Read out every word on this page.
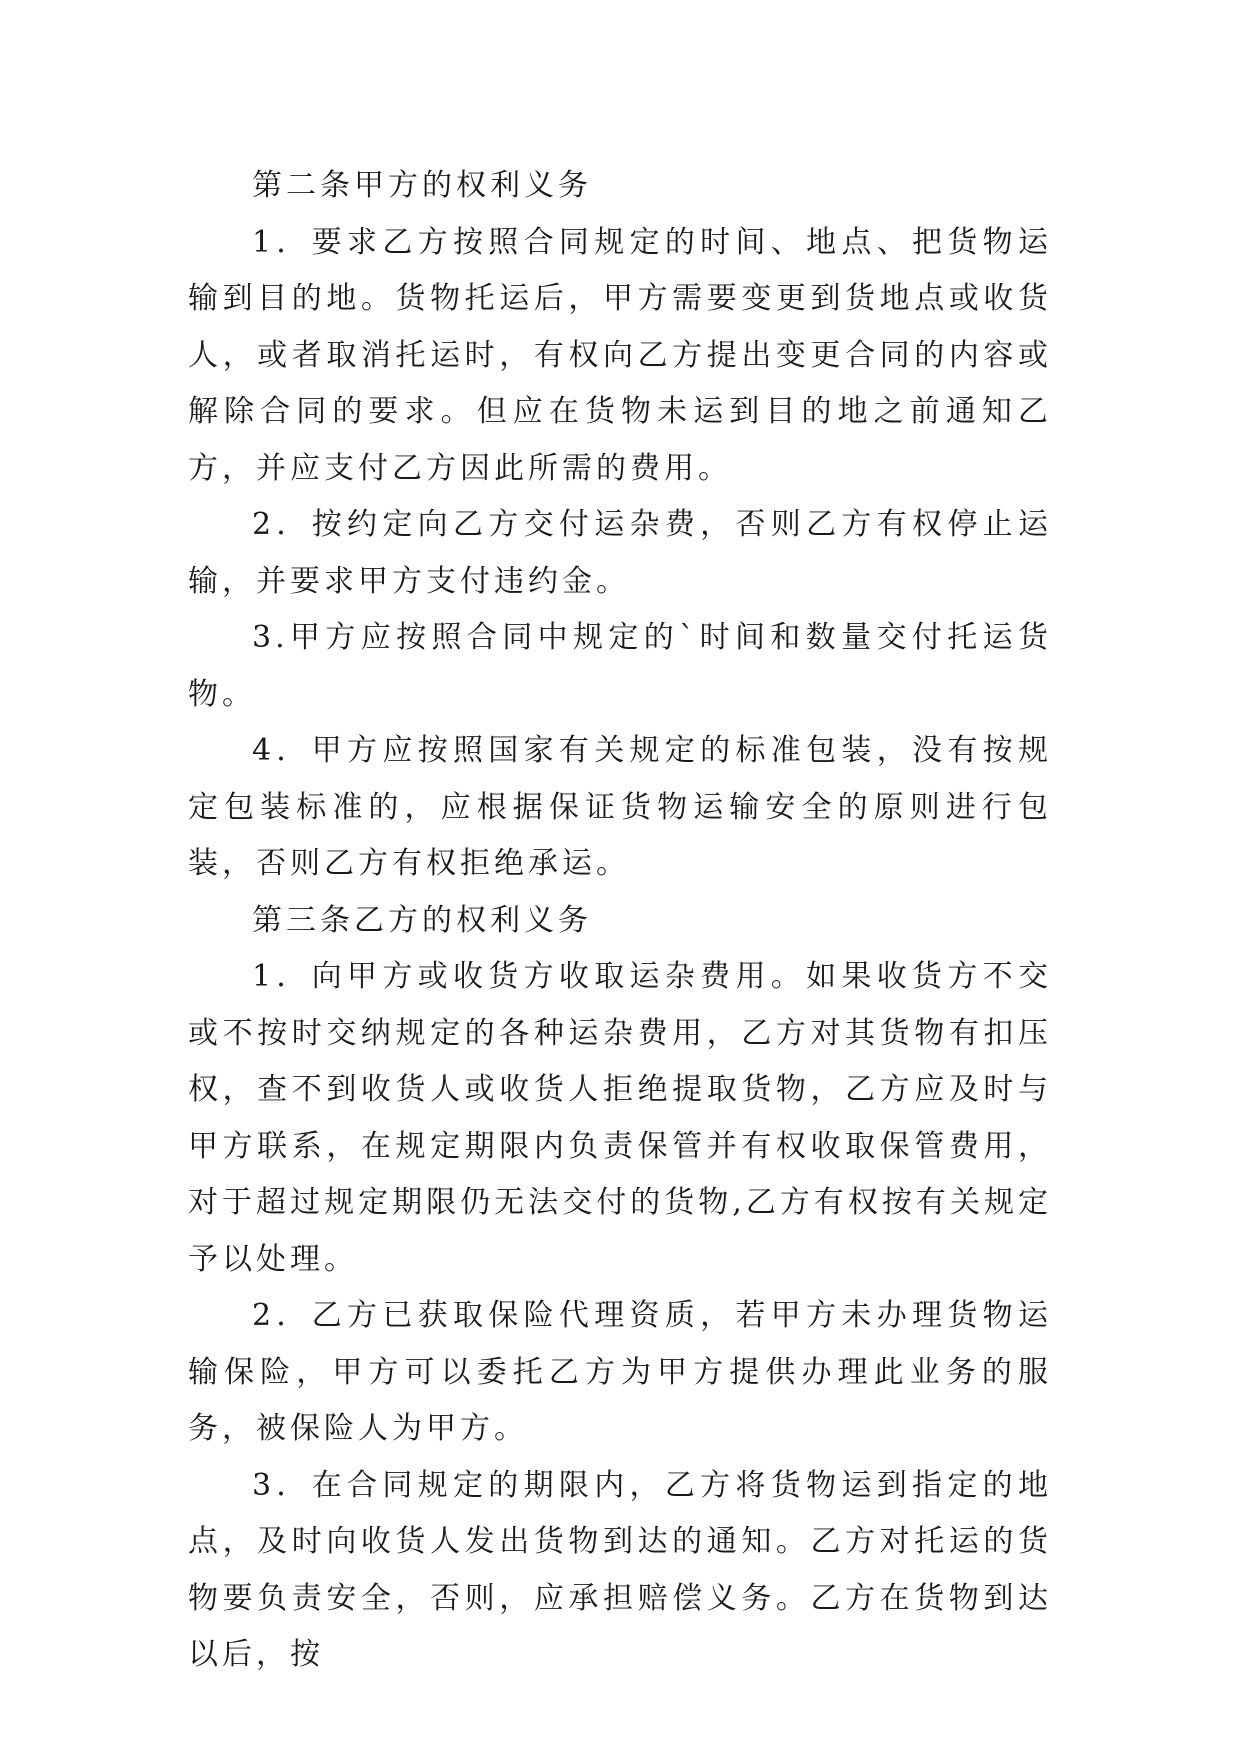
第二条甲方的权利义务

1．要求乙方按照合同规定的时间、地点、把货物运输到目的地。货物托运后，甲方需要变更到货地点或收货人，或者取消托运时，有权向乙方提出变更合同的内容或解除合同的要求。但应在货物未运到目的地之前通知乙方，并应支付乙方因此所需的费用。

2．按约定向乙方交付运杂费，否则乙方有权停止运输，并要求甲方支付违约金。

3.甲方应按照合同中规定的`时间和数量交付托运货物。

4．甲方应按照国家有关规定的标准包装，没有按规定包装标准的，应根据保证货物运输安全的原则进行包装，否则乙方有权拒绝承运。

第三条乙方的权利义务

1．向甲方或收货方收取运杂费用。如果收货方不交或不按时交纳规定的各种运杂费用，乙方对其货物有扣压权，查不到收货人或收货人拒绝提取货物，乙方应及时与甲方联系，在规定期限内负责保管并有权收取保管费用，对于超过规定期限仍无法交付的货物,乙方有权按有关规定予以处理。

2．乙方已获取保险代理资质，若甲方未办理货物运输保险，甲方可以委托乙方为甲方提供办理此业务的服务，被保险人为甲方。

3．在合同规定的期限内，乙方将货物运到指定的地点，及时向收货人发出货物到达的通知。乙方对托运的货物要负责安全，否则，应承担赔偿义务。乙方在货物到达以后，按
